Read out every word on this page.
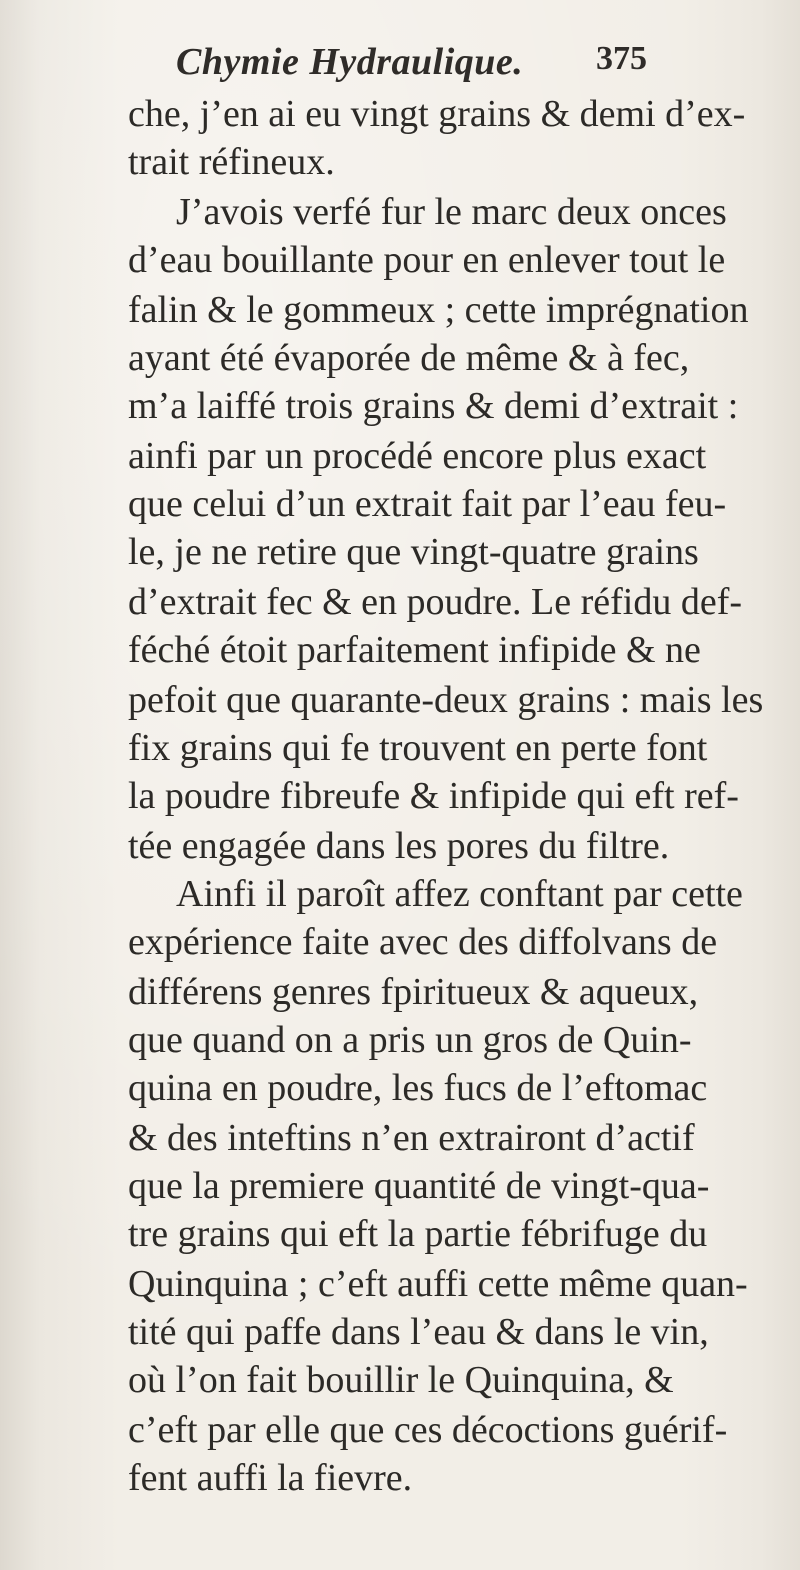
Chymie Hydraulique. 375
che, j’en ai eu vingt grains & demi d’ex-
trait réfineux.
J’avois verfé fur le marc deux onces
d’eau bouillante pour en enlever tout le
falin & le gommeux ; cette imprégnation
ayant été évaporée de même & à fec,
m’a laiffé trois grains & demi d’extrait :
ainfi par un procédé encore plus exact
que celui d’un extrait fait par l’eau feu-
le, je ne retire que vingt-quatre grains
d’extrait fec & en poudre. Le réfidu def-
féché étoit parfaitement infipide & ne
pefoit que quarante-deux grains : mais les
fix grains qui fe trouvent en perte font
la poudre fibreufe & infipide qui eft ref-
tée engagée dans les pores du filtre.
Ainfi il paroît affez conftant par cette
expérience faite avec des diffolvans de
différens genres fpiritueux & aqueux,
que quand on a pris un gros de Quin-
quina en poudre, les fucs de l’eftomac
& des inteftins n’en extrairont d’actif
que la premiere quantité de vingt-qua-
tre grains qui eft la partie fébrifuge du
Quinquina ; c’eft auffi cette même quan-
tité qui paffe dans l’eau & dans le vin,
où l’on fait bouillir le Quinquina, &
c’eft par elle que ces décoctions guérif-
fent auffi la fievre.
